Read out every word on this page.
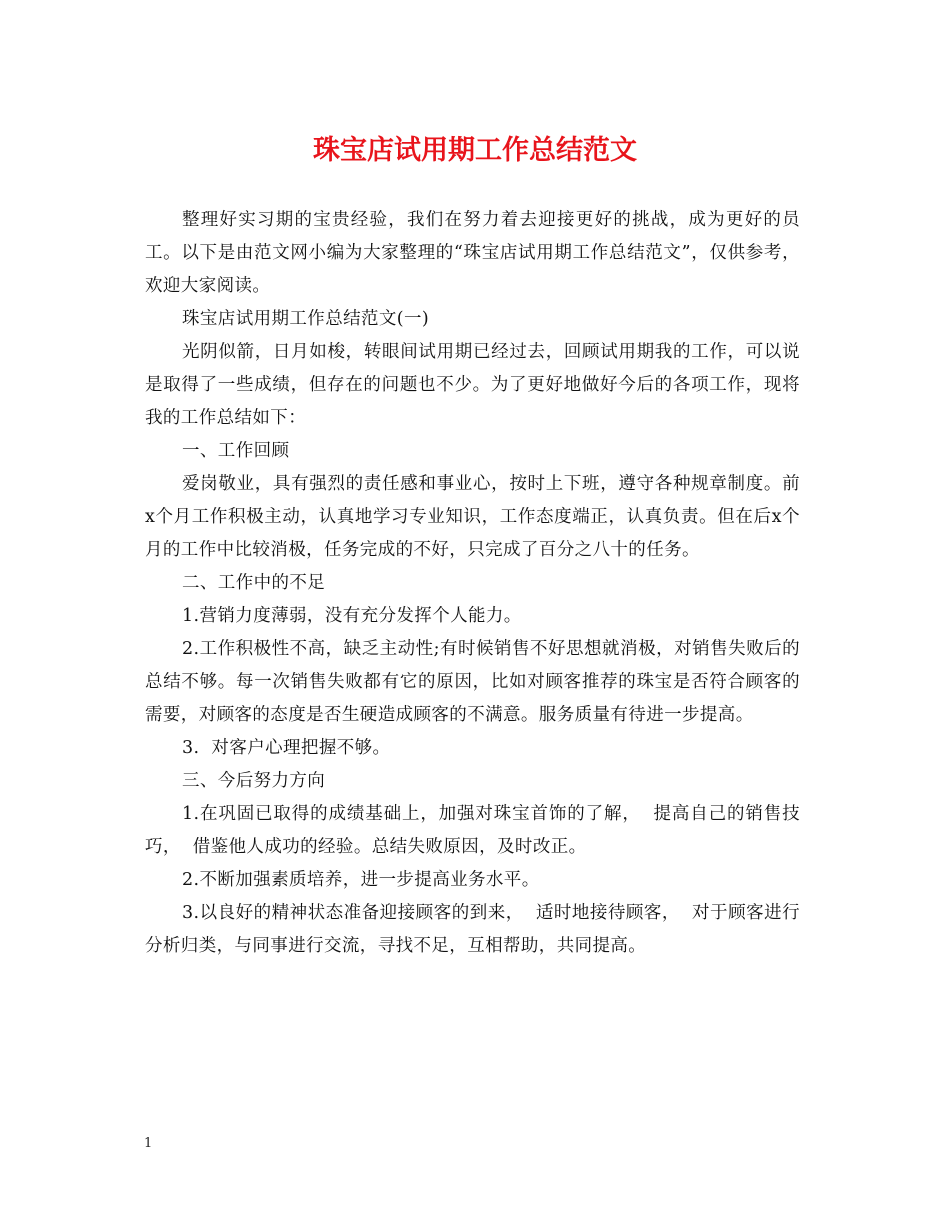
珠宝店试用期工作总结范文

整理好实习期的宝贵经验，我们在努力着去迎接更好的挑战，成为更好的员工。以下是由范文网小编为大家整理的“珠宝店试用期工作总结范文”，仅供参考，欢迎大家阅读。

珠宝店试用期工作总结范文(一)

光阴似箭，日月如梭，转眼间试用期已经过去，回顾试用期我的工作，可以说是取得了一些成绩，但存在的问题也不少。为了更好地做好今后的各项工作，现将我的工作总结如下：

一、工作回顾

爱岗敬业，具有强烈的责任感和事业心，按时上下班，遵守各种规章制度。前x个月工作积极主动，认真地学习专业知识，工作态度端正，认真负责。但在后x个月的工作中比较消极，任务完成的不好，只完成了百分之八十的任务。

二、工作中的不足

1.营销力度薄弱，没有充分发挥个人能力。

2.工作积极性不高，缺乏主动性;有时候销售不好思想就消极，对销售失败后的总结不够。每一次销售失败都有它的原因，比如对顾客推荐的珠宝是否符合顾客的需要，对顾客的态度是否生硬造成顾客的不满意。服务质量有待进一步提高。

3.  对客户心理把握不够。

三、今后努力方向

1.在巩固已取得的成绩基础上，加强对珠宝首饰的了解，  提高自己的销售技巧，  借鉴他人成功的经验。总结失败原因，及时改正。

2.不断加强素质培养，进一步提高业务水平。

3.以良好的精神状态准备迎接顾客的到来，  适时地接待顾客，  对于顾客进行分析归类，与同事进行交流，寻找不足，互相帮助，共同提高。

1
